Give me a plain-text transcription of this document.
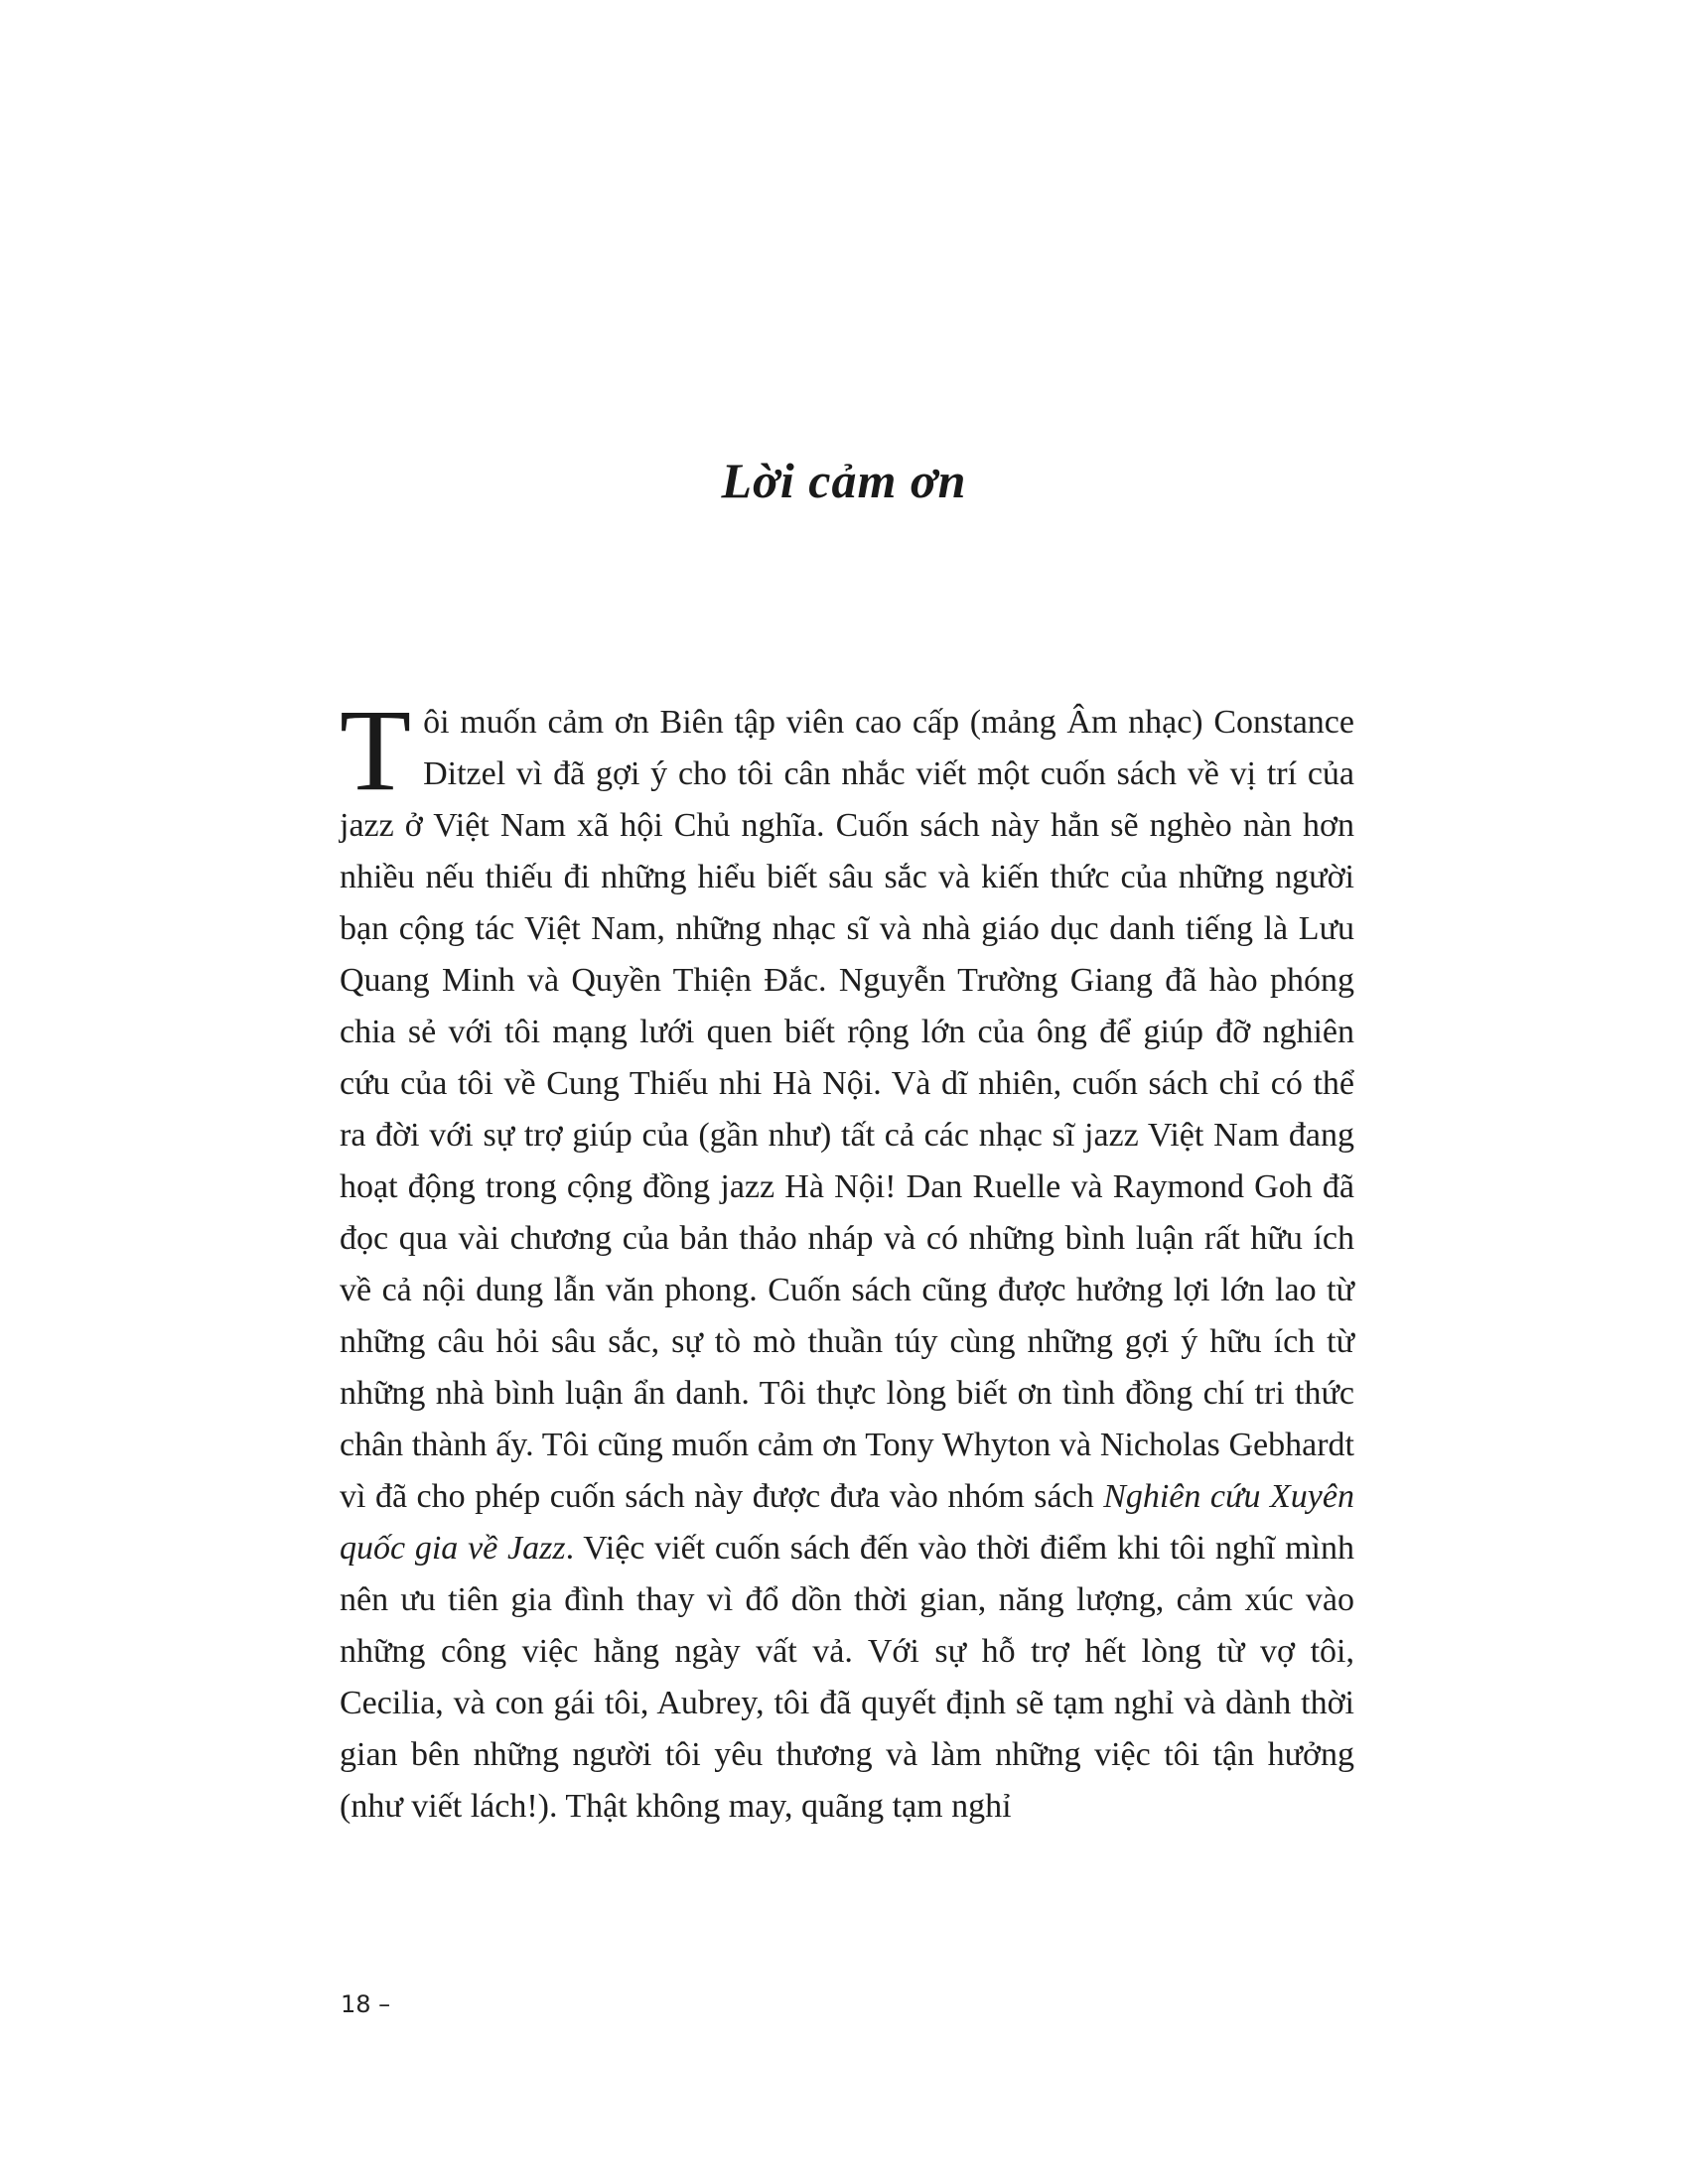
Lời cảm ơn

Tôi muốn cảm ơn Biên tập viên cao cấp (mảng Âm nhạc) Constance Ditzel vì đã gợi ý cho tôi cân nhắc viết một cuốn sách về vị trí của jazz ở Việt Nam xã hội Chủ nghĩa. Cuốn sách này hẳn sẽ nghèo nàn hơn nhiều nếu thiếu đi những hiểu biết sâu sắc và kiến thức của những người bạn cộng tác Việt Nam, những nhạc sĩ và nhà giáo dục danh tiếng là Lưu Quang Minh và Quyền Thiện Đắc. Nguyễn Trường Giang đã hào phóng chia sẻ với tôi mạng lưới quen biết rộng lớn của ông để giúp đỡ nghiên cứu của tôi về Cung Thiếu nhi Hà Nội. Và dĩ nhiên, cuốn sách chỉ có thể ra đời với sự trợ giúp của (gần như) tất cả các nhạc sĩ jazz Việt Nam đang hoạt động trong cộng đồng jazz Hà Nội! Dan Ruelle và Raymond Goh đã đọc qua vài chương của bản thảo nháp và có những bình luận rất hữu ích về cả nội dung lẫn văn phong. Cuốn sách cũng được hưởng lợi lớn lao từ những câu hỏi sâu sắc, sự tò mò thuần túy cùng những gợi ý hữu ích từ những nhà bình luận ẩn danh. Tôi thực lòng biết ơn tình đồng chí tri thức chân thành ấy. Tôi cũng muốn cảm ơn Tony Whyton và Nicholas Gebhardt vì đã cho phép cuốn sách này được đưa vào nhóm sách Nghiên cứu Xuyên quốc gia về Jazz. Việc viết cuốn sách đến vào thời điểm khi tôi nghĩ mình nên ưu tiên gia đình thay vì đổ dồn thời gian, năng lượng, cảm xúc vào những công việc hằng ngày vất vả. Với sự hỗ trợ hết lòng từ vợ tôi, Cecilia, và con gái tôi, Aubrey, tôi đã quyết định sẽ tạm nghỉ và dành thời gian bên những người tôi yêu thương và làm những việc tôi tận hưởng (như viết lách!). Thật không may, quãng tạm nghỉ

18 –
